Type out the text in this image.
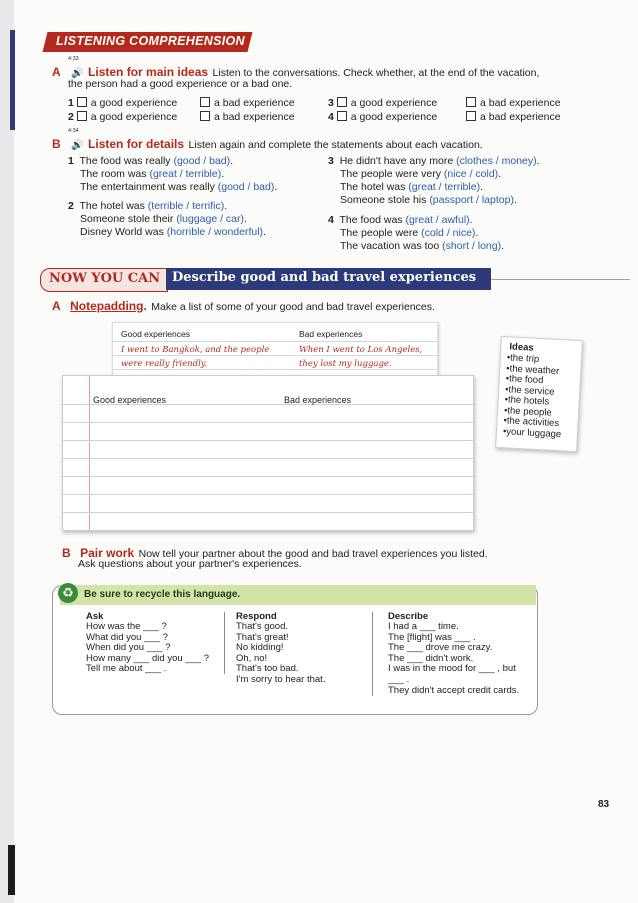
LISTENING COMPREHENSION
4:33
A 🔊 Listen for main ideas Listen to the conversations. Check whether, at the end of the vacation,
the person had a good experience or a bad one.
1 a good experience	a bad experience
2 a good experience	a bad experience
3 a good experience	a bad experience
4 a good experience	a bad experience
4:34
B 🔊 Listen for details Listen again and complete the statements about each vacation.
1 The food was really (good / bad).
The room was (great / terrible).
The entertainment was really (good / bad).
2 The hotel was (terrible / terrific).
Someone stole their (luggage / car).
Disney World was (horrible / wonderful).
3 He didn't have any more (clothes / money).
The people were very (nice / cold).
The hotel was (great / terrible).
Someone stole his (passport / laptop).
4 The food was (great / awful).
The people were (cold / nice).
The vacation was too (short / long).
NOW YOU CAN Describe good and bad travel experiences
A Notepadding. Make a list of some of your good and bad travel experiences.
Good experiences	Bad experiences
I went to Bangkok, and the people
were really friendly.
When I went to Los Angeles,
they lost my luggage.
Good experiences	Bad experiences
Ideas
• the trip
• the weather
• the food
• the service
• the hotels
• the people
• the activities
• your luggage
B Pair work Now tell your partner about the good and bad travel experiences you listed.
Ask questions about your partner's experiences.
♻	Be sure to recycle this language.
Ask
How was the ___ ?
What did you ___ ?
When did you ___ ?
How many ___ did you ___ ?
Tell me about ___ .
Respond
That's good.
That's great!
No kidding!
Oh, no!
That's too bad.
I'm sorry to hear that.
Describe
I had a ___ time.
The [flight] was ___ .
The ___ drove me crazy.
The ___ didn't work.
I was in the mood for ___ , but
___ .
They didn't accept credit cards.
83
